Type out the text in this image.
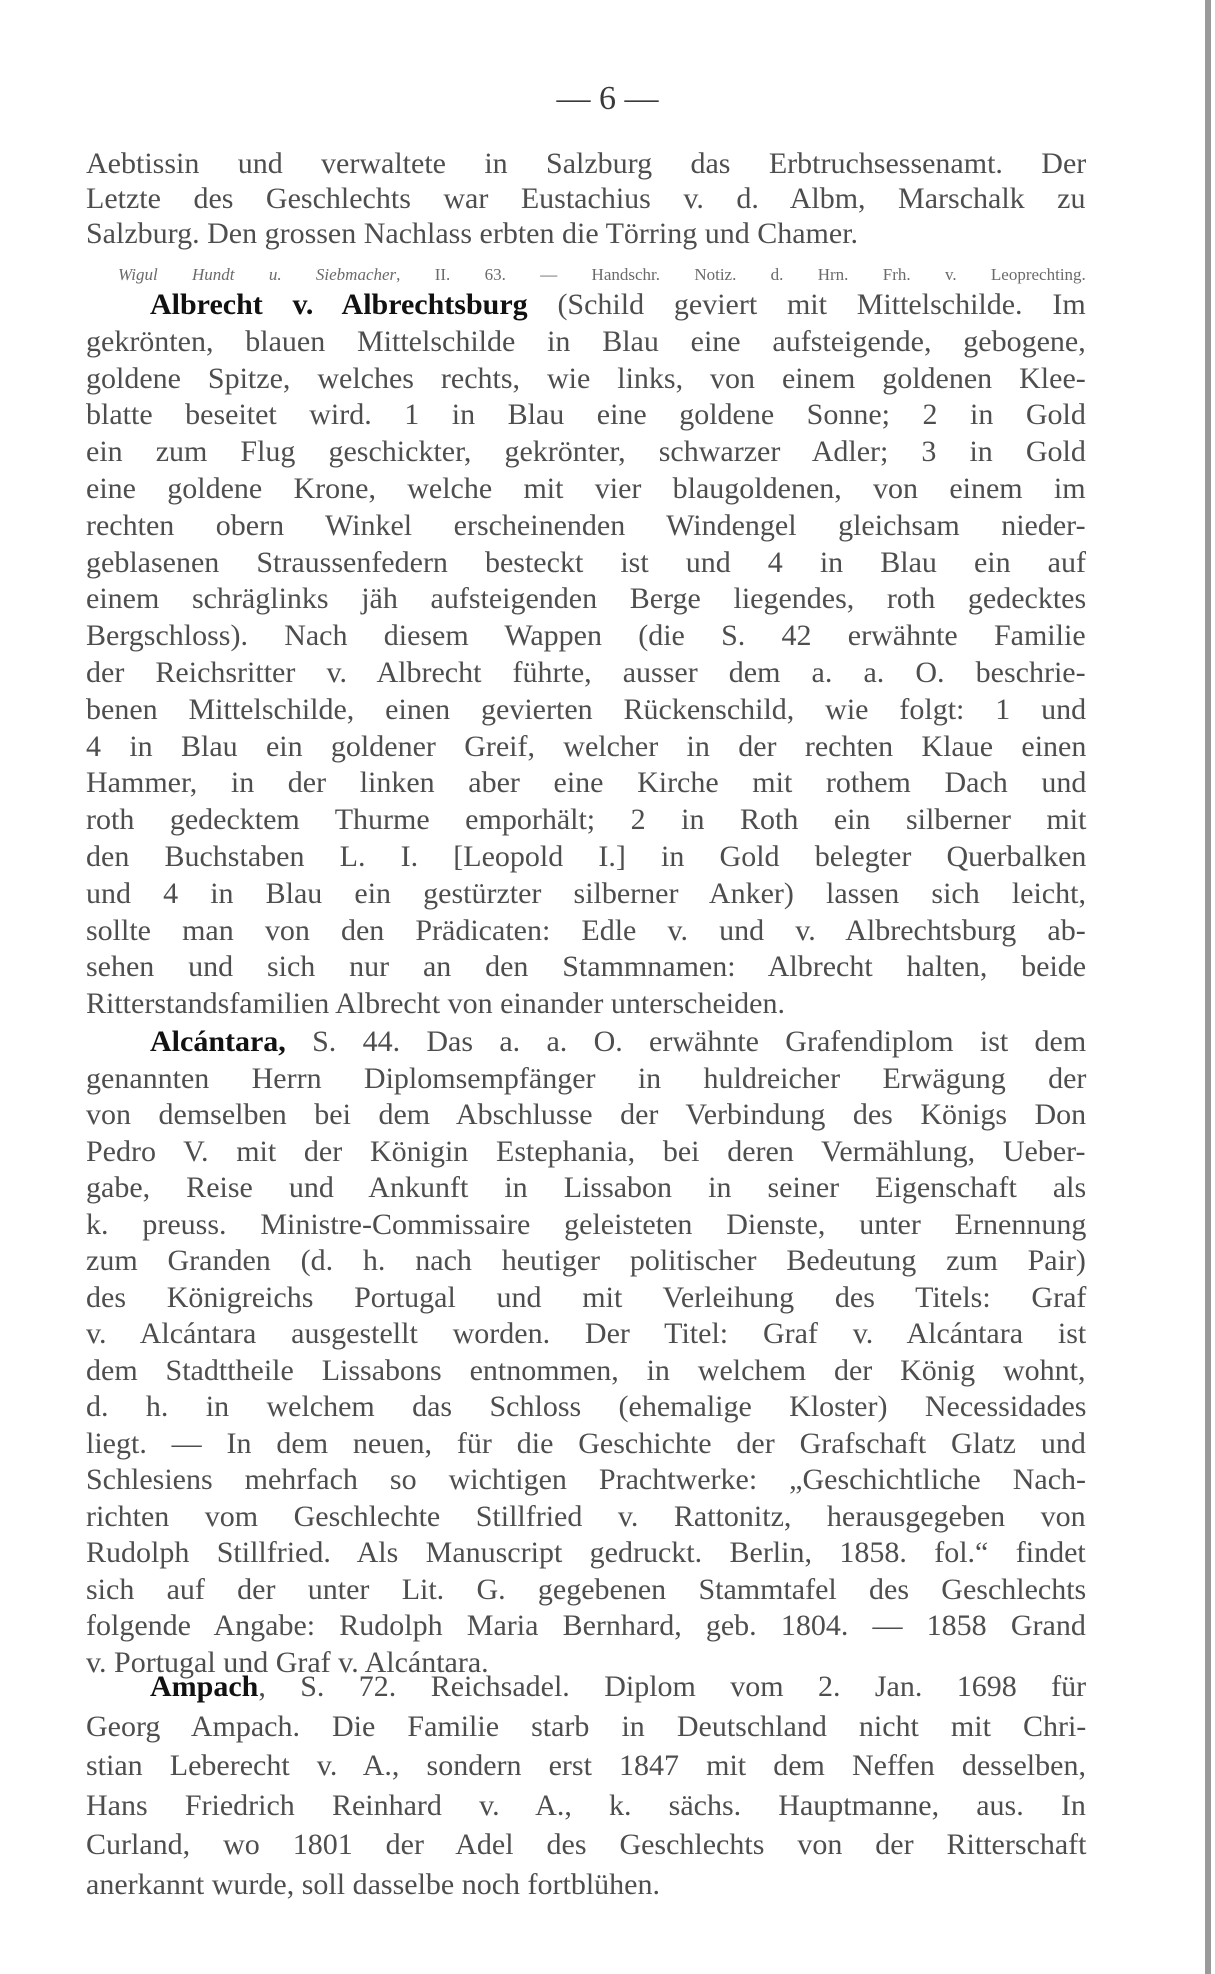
— 6 —
Aebtissin und verwaltete in Salzburg das Erbtruchsessenamt. Der
Letzte des Geschlechts war Eustachius v. d. Albm, Marschalk zu
Salzburg. Den grossen Nachlass erbten die Törring und Chamer.
Wigul Hundt u. Siebmacher, II. 63. — Handschr. Notiz. d. Hrn. Frh. v. Leoprechting.
Albrecht v. Albrechtsburg (Schild geviert mit Mittelschilde. Im
gekrönten, blauen Mittelschilde in Blau eine aufsteigende, gebogene,
goldene Spitze, welches rechts, wie links, von einem goldenen Klee-
blatte beseitet wird. 1 in Blau eine goldene Sonne; 2 in Gold
ein zum Flug geschickter, gekrönter, schwarzer Adler; 3 in Gold
eine goldene Krone, welche mit vier blaugoldenen, von einem im
rechten obern Winkel erscheinenden Windengel gleichsam nieder-
geblasenen Straussenfedern besteckt ist und 4 in Blau ein auf
einem schräglinks jäh aufsteigenden Berge liegendes, roth gedecktes
Bergschloss). Nach diesem Wappen (die S. 42 erwähnte Familie
der Reichsritter v. Albrecht führte, ausser dem a. a. O. beschrie-
benen Mittelschilde, einen gevierten Rückenschild, wie folgt: 1 und
4 in Blau ein goldener Greif, welcher in der rechten Klaue einen
Hammer, in der linken aber eine Kirche mit rothem Dach und
roth gedecktem Thurme emporhält; 2 in Roth ein silberner mit
den Buchstaben L. I. [Leopold I.] in Gold belegter Querbalken
und 4 in Blau ein gestürzter silberner Anker) lassen sich leicht,
sollte man von den Prädicaten: Edle v. und v. Albrechtsburg ab-
sehen und sich nur an den Stammnamen: Albrecht halten, beide
Ritterstandsfamilien Albrecht von einander unterscheiden.
Alcántara, S. 44. Das a. a. O. erwähnte Grafendiplom ist dem
genannten Herrn Diplomsempfänger in huldreicher Erwägung der
von demselben bei dem Abschlusse der Verbindung des Königs Don
Pedro V. mit der Königin Estephania, bei deren Vermählung, Ueber-
gabe, Reise und Ankunft in Lissabon in seiner Eigenschaft als
k. preuss. Ministre-Commissaire geleisteten Dienste, unter Ernennung
zum Granden (d. h. nach heutiger politischer Bedeutung zum Pair)
des Königreichs Portugal und mit Verleihung des Titels: Graf
v. Alcántara ausgestellt worden. Der Titel: Graf v. Alcántara ist
dem Stadttheile Lissabons entnommen, in welchem der König wohnt,
d. h. in welchem das Schloss (ehemalige Kloster) Necessidades
liegt. — In dem neuen, für die Geschichte der Grafschaft Glatz und
Schlesiens mehrfach so wichtigen Prachtwerke: „Geschichtliche Nach-
richten vom Geschlechte Stillfried v. Rattonitz, herausgegeben von
Rudolph Stillfried. Als Manuscript gedruckt. Berlin, 1858. fol.“ findet
sich auf der unter Lit. G. gegebenen Stammtafel des Geschlechts
folgende Angabe: Rudolph Maria Bernhard, geb. 1804. — 1858 Grand
v. Portugal und Graf v. Alcántara.
Ampach, S. 72. Reichsadel. Diplom vom 2. Jan. 1698 für
Georg Ampach. Die Familie starb in Deutschland nicht mit Chri-
stian Leberecht v. A., sondern erst 1847 mit dem Neffen desselben,
Hans Friedrich Reinhard v. A., k. sächs. Hauptmanne, aus. In
Curland, wo 1801 der Adel des Geschlechts von der Ritterschaft
anerkannt wurde, soll dasselbe noch fortblühen.
